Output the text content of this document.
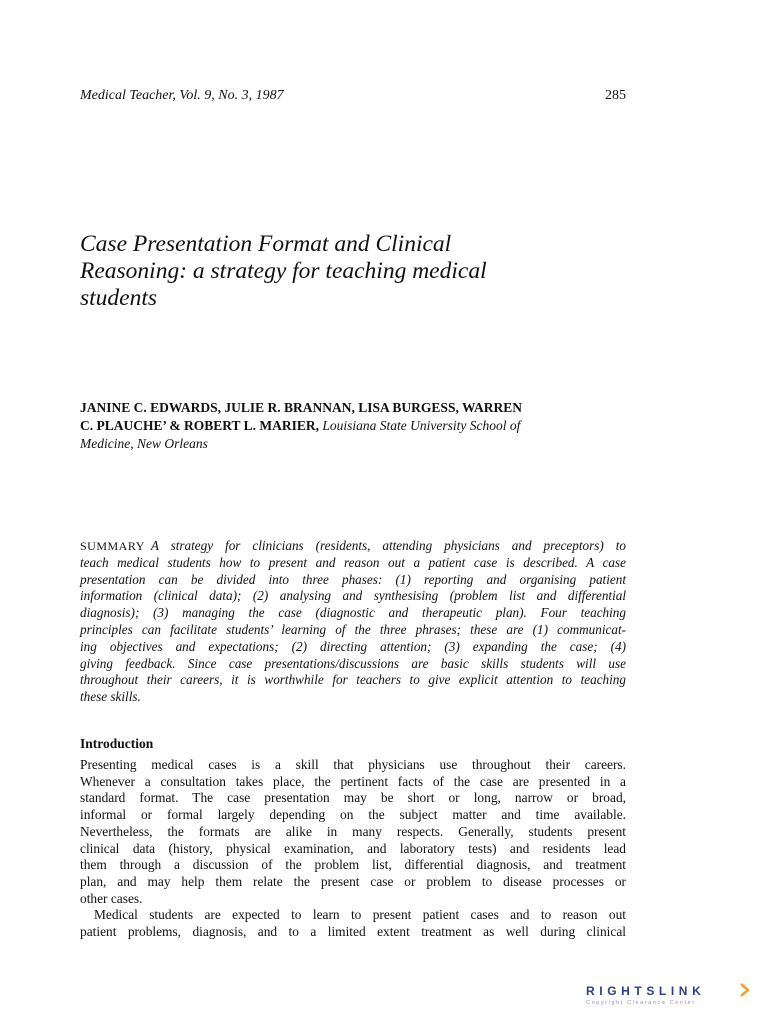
Medical Teacher, Vol. 9, No. 3, 1987	285
Case Presentation Format and Clinical
Reasoning: a strategy for teaching medical
students
JANINE C. EDWARDS, JULIE R. BRANNAN, LISA BURGESS, WARREN
C. PLAUCHE’ & ROBERT L. MARIER, Louisiana State University School of
Medicine, New Orleans
SUMMARY A strategy for clinicians (residents, attending physicians and preceptors) to
teach medical students how to present and reason out a patient case is described. A case
presentation can be divided into three phases: (1) reporting and organising patient
information (clinical data); (2) analysing and synthesising (problem list and differential
diagnosis); (3) managing the case (diagnostic and therapeutic plan). Four teaching
principles can facilitate students’ learning of the three phrases; these are (1) communicat-
ing objectives and expectations; (2) directing attention; (3) expanding the case; (4)
giving feedback. Since case presentations/discussions are basic skills students will use
throughout their careers, it is worthwhile for teachers to give explicit attention to teaching
these skills.
Introduction
Presenting medical cases is a skill that physicians use throughout their careers.
Whenever a consultation takes place, the pertinent facts of the case are presented in a
standard format. The case presentation may be short or long, narrow or broad,
informal or formal largely depending on the subject matter and time available.
Nevertheless, the formats are alike in many respects. Generally, students present
clinical data (history, physical examination, and laboratory tests) and residents lead
them through a discussion of the problem list, differential diagnosis, and treatment
plan, and may help them relate the present case or problem to disease processes or
other cases.
Medical students are expected to learn to present patient cases and to reason out
patient problems, diagnosis, and to a limited extent treatment as well during clinical
RIGHTSLINK
Copyright Clearance Center
